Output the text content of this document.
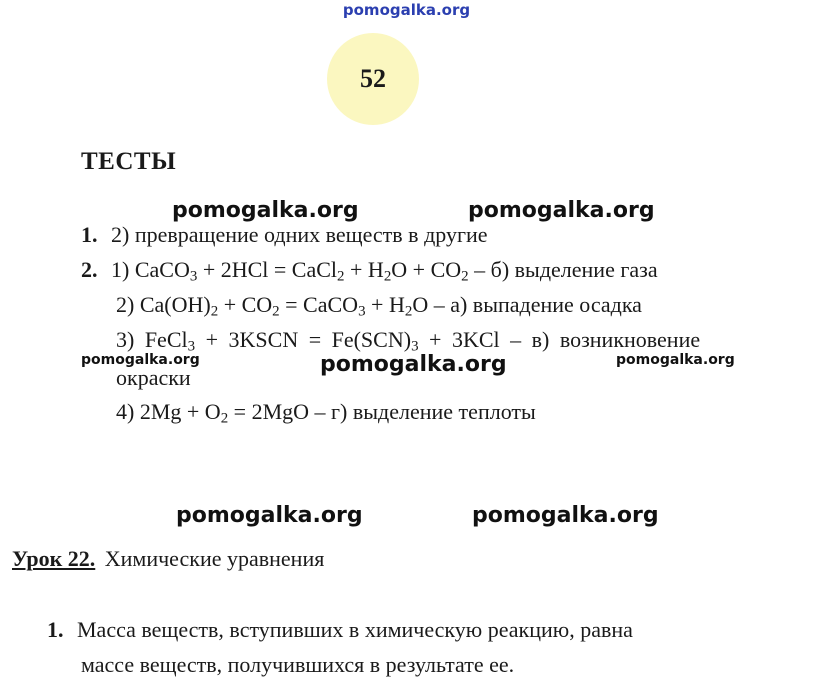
pomogalka.org
52
ТЕСТЫ
pomogalka.org	pomogalka.org
1. 2) превращение одних веществ в другие
2. 1) CaCO$_3$ + 2HCl = CaCl$_2$ + $H_2O + CO_2 - б$) выделение газа
2) $Ca(OH)_2 + CO_2$ = CaCO$_3$ + $H_2O - а$) выпадение осадка
3) FeCl$_3$ + 3KSCN = $Fe(SCN)_3 + 3KCl - в$) возникновение
pomogalka.org	pomogalka.org	pomogalka.org
окраски
4) $2Mg + O_2 = 2MgO - г$) выделение теплоты
pomogalka.org	pomogalka.org
Урок 22. Химические уравнения
1. Масса веществ, вступивших в химическую реакцию, равна
массе веществ, получившихся в результате ее.
